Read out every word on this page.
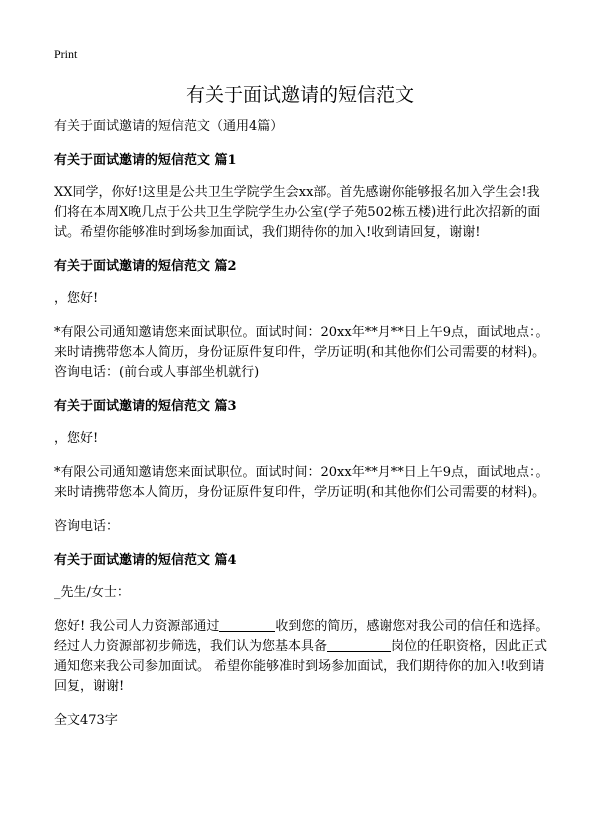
Print
有关于面试邀请的短信范文

有关于面试邀请的短信范文（通用4篇）

有关于面试邀请的短信范文 篇1

XX同学，你好!这里是公共卫生学院学生会xx部。首先感谢你能够报名加入学生会!我们将在本周X晚几点于公共卫生学院学生办公室(学子苑502栋五楼)进行此次招新的面试。希望你能够准时到场参加面试，我们期待你的加入!收到请回复，谢谢!

有关于面试邀请的短信范文 篇2

，您好!

*有限公司通知邀请您来面试职位。面试时间：20xx年**月**日上午9点，面试地点：。来时请携带您本人简历，身份证原件复印件，学历证明(和其他你们公司需要的材料)。咨询电话：(前台或人事部坐机就行)

有关于面试邀请的短信范文 篇3

，您好!

*有限公司通知邀请您来面试职位。面试时间：20xx年**月**日上午9点，面试地点：。来时请携带您本人简历，身份证原件复印件，学历证明(和其他你们公司需要的材料)。

咨询电话：

有关于面试邀请的短信范文 篇4

_先生/女士：

您好! 我公司人力资源部通过	收到您的简历，感谢您对我公司的信任和选择。经过人力资源部初步筛选，我们认为您基本具备	岗位的任职资格，因此正式 通知您来我公司参加面试。 希望你能够准时到场参加面试，我们期待你的加入!收到请回复，谢谢!

全文473字
